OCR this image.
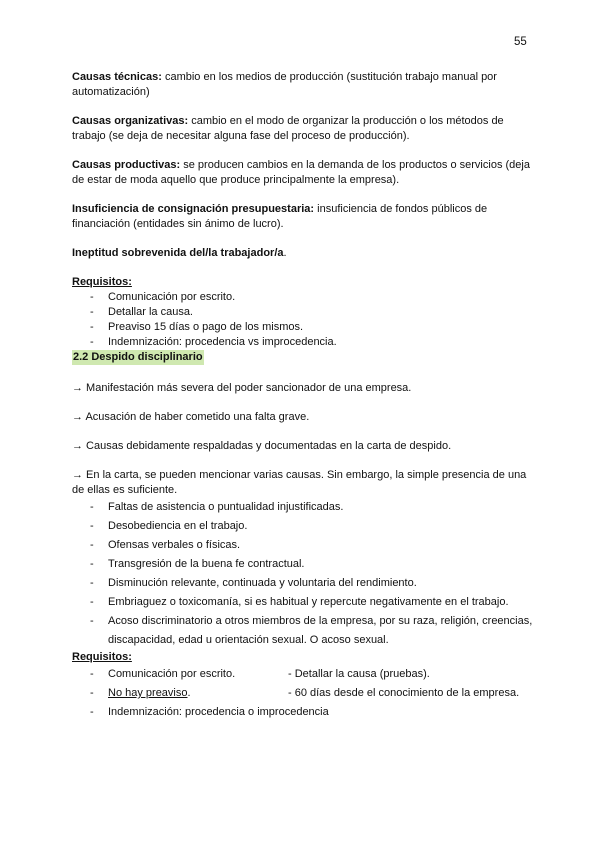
55

Causas técnicas: cambio en los medios de producción (sustitución trabajo manual por automatización)

Causas organizativas: cambio en el modo de organizar la producción o los métodos de trabajo (se deja de necesitar alguna fase del proceso de producción).

Causas productivas: se producen cambios en la demanda de los productos o servicios (deja de estar de moda aquello que produce principalmente la empresa).

Insuficiencia de consignación presupuestaria: insuficiencia de fondos públicos de financiación (entidades sin ánimo de lucro).

Ineptitud sobrevenida del/la trabajador/a.

Requisitos:
- Comunicación por escrito.
- Detallar la causa.
- Preaviso 15 días o pago de los mismos.
- Indemnización: procedencia vs improcedencia.
2.2 Despido disciplinario

→ Manifestación más severa del poder sancionador de una empresa.

→ Acusación de haber cometido una falta grave.

→ Causas debidamente respaldadas y documentadas en la carta de despido.

→ En la carta, se pueden mencionar varias causas. Sin embargo, la simple presencia de una de ellas es suficiente.

- Faltas de asistencia o puntualidad injustificadas.
- Desobediencia en el trabajo.
- Ofensas verbales o físicas.
- Transgresión de la buena fe contractual.
- Disminución relevante, continuada y voluntaria del rendimiento.
- Embriaguez o toxicomanía, si es habitual y repercute negativamente en el trabajo.
- Acoso discriminatorio a otros miembros de la empresa, por su raza, religión, creencias, discapacidad, edad u orientación sexual. O acoso sexual.
Requisitos:
- Comunicación por escrito.	- Detallar la causa (pruebas).
- No hay preaviso.	- 60 días desde el conocimiento de la empresa.
- Indemnización: procedencia o improcedencia
